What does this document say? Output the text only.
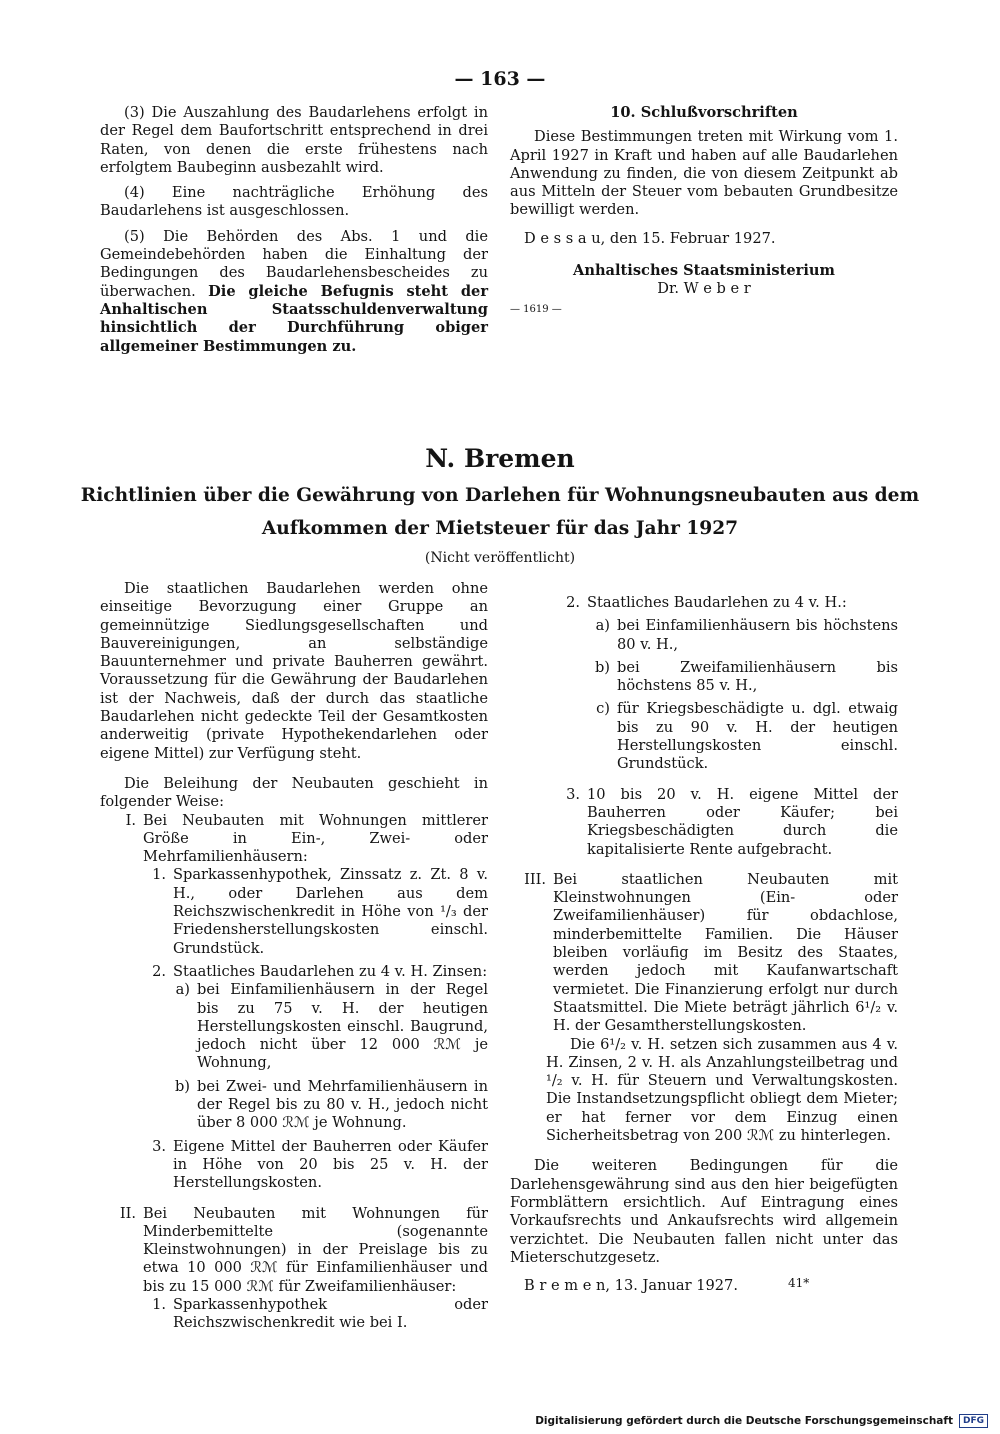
— 163 —

(3) Die Auszahlung des Baudarlehens erfolgt in der Regel dem Baufortschritt entsprechend in drei Raten, von denen die erste frühestens nach erfolgtem Baubeginn ausbezahlt wird.

(4) Eine nachträgliche Erhöhung des Baudarlehens ist ausgeschlossen.

(5) Die Behörden des Abs. 1 und die Gemeindebehörden haben die Einhaltung der Bedingungen des Baudarlehensbescheides zu überwachen. Die gleiche Befugnis steht der Anhaltischen Staatsschuldenverwaltung hinsichtlich der Durchführung obiger allgemeiner Bestimmungen zu.

10. Schlußvorschriften

Diese Bestimmungen treten mit Wirkung vom 1. April 1927 in Kraft und haben auf alle Baudarlehen Anwendung zu finden, die von diesem Zeitpunkt ab aus Mitteln der Steuer vom bebauten Grundbesitze bewilligt werden.

D e s s a u, den 15. Februar 1927.

Anhaltisches Staatsministerium

Dr. W e b e r

— 1619 —

N. Bremen
Richtlinien über die Gewährung von Darlehen für Wohnungsneubauten aus dem
Aufkommen der Mietsteuer für das Jahr 1927
(Nicht veröffentlicht)

Die staatlichen Baudarlehen werden ohne einseitige Bevorzugung einer Gruppe an gemeinnützige Siedlungsgesellschaften und Bauvereinigungen, an selbständige Bauunternehmer und private Bauherren gewährt. Voraussetzung für die Gewährung der Baudarlehen ist der Nachweis, daß der durch das staatliche Baudarlehen nicht gedeckte Teil der Gesamtkosten anderweitig (private Hypothekendarlehen oder eigene Mittel) zur Verfügung steht.

Die Beleihung der Neubauten geschieht in folgender Weise:

I. Bei Neubauten mit Wohnungen mittlerer Größe in Ein-, Zwei- oder Mehrfamilienhäusern:
1. Sparkassenhypothek, Zinssatz z. Zt. 8 v. H., oder Darlehen aus dem Reichszwischenkredit in Höhe von ¹/₃ der Friedensherstellungskosten einschl. Grundstück.
2. Staatliches Baudarlehen zu 4 v. H. Zinsen:
a) bei Einfamilienhäusern in der Regel bis zu 75 v. H. der heutigen Herstellungskosten einschl. Baugrund, jedoch nicht über 12 000 ℛℳ je Wohnung,
b) bei Zwei- und Mehrfamilienhäusern in der Regel bis zu 80 v. H., jedoch nicht über 8 000 ℛℳ je Wohnung.
3. Eigene Mittel der Bauherren oder Käufer in Höhe von 20 bis 25 v. H. der Herstellungskosten.
II. Bei Neubauten mit Wohnungen für Minderbemittelte (sogenannte Kleinstwohnungen) in der Preislage bis zu etwa 10 000 ℛℳ für Einfamilienhäuser und bis zu 15 000 ℛℳ für Zweifamilienhäuser:
1. Sparkassenhypothek oder Reichszwischenkredit wie bei I.
2. Staatliches Baudarlehen zu 4 v. H.:
a) bei Einfamilienhäusern bis höchstens 80 v. H.,
b) bei Zweifamilienhäusern bis höchstens 85 v. H.,
c) für Kriegsbeschädigte u. dgl. etwaig bis zu 90 v. H. der heutigen Herstellungskosten einschl. Grundstück.
3. 10 bis 20 v. H. eigene Mittel der Bauherren oder Käufer; bei Kriegsbeschädigten durch die kapitalisierte Rente aufgebracht.
III. Bei staatlichen Neubauten mit Kleinstwohnungen (Ein- oder Zweifamilienhäuser) für obdachlose, minderbemittelte Familien. Die Häuser bleiben vorläufig im Besitz des Staates, werden jedoch mit Kaufanwartschaft vermietet. Die Finanzierung erfolgt nur durch Staatsmittel. Die Miete beträgt jährlich 6¹/₂ v. H. der Gesamtherstellungskosten.

Die 6¹/₂ v. H. setzen sich zusammen aus 4 v. H. Zinsen, 2 v. H. als Anzahlungsteilbetrag und ¹/₂ v. H. für Steuern und Verwaltungskosten. Die Instandsetzungspflicht obliegt dem Mieter; er hat ferner vor dem Einzug einen Sicherheitsbetrag von 200 ℛℳ zu hinterlegen.

Die weiteren Bedingungen für die Darlehensgewährung sind aus den hier beigefügten Formblättern ersichtlich. Auf Eintragung eines Vorkaufsrechts und Ankaufsrechts wird allgemein verzichtet. Die Neubauten fallen nicht unter das Mieterschutzgesetz.

B r e m e n, 13. Januar 1927.	41*
Digitalisierung gefördert durch die Deutsche Forschungsgemeinschaft	DFG
